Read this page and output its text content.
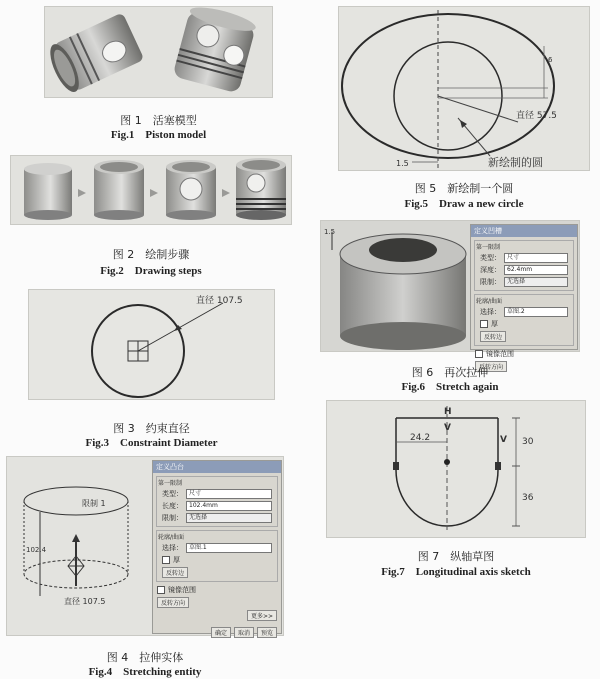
图 1　活塞模型
Fig.1　Piston model
图 2　绘制步骤
Fig.2　Drawing steps
直径 107.5
图 3　约束直径
Fig.3　Constraint Diameter
限制 1
102.4
直径 107.5
定义凸台
第一限制
类型：	尺寸
长度：	102.4mm
限制：	无选择
轮廓/曲面
选择：	草图.1
厚
反转边
镜像范围
反转方向
更多>>
确定	取消	预览
图 4　拉伸实体
Fig.4　Stretching entity
6
直径 57.5
新绘制的圆
1.5
图 5　新绘制一个圆
Fig.5　Draw a new circle
1.5	定义凹槽
第一限制
类型：	尺寸
深度：	62.4mm
限制：	无选择
轮廓/曲面
选择：	草图.2
厚
反转边
镜像范围
反转方向
图 6　再次拉伸
Fig.6　Stretch again
24.2
H
V
V 30
36
图 7　纵轴草图
Fig.7　Longitudinal axis sketch
